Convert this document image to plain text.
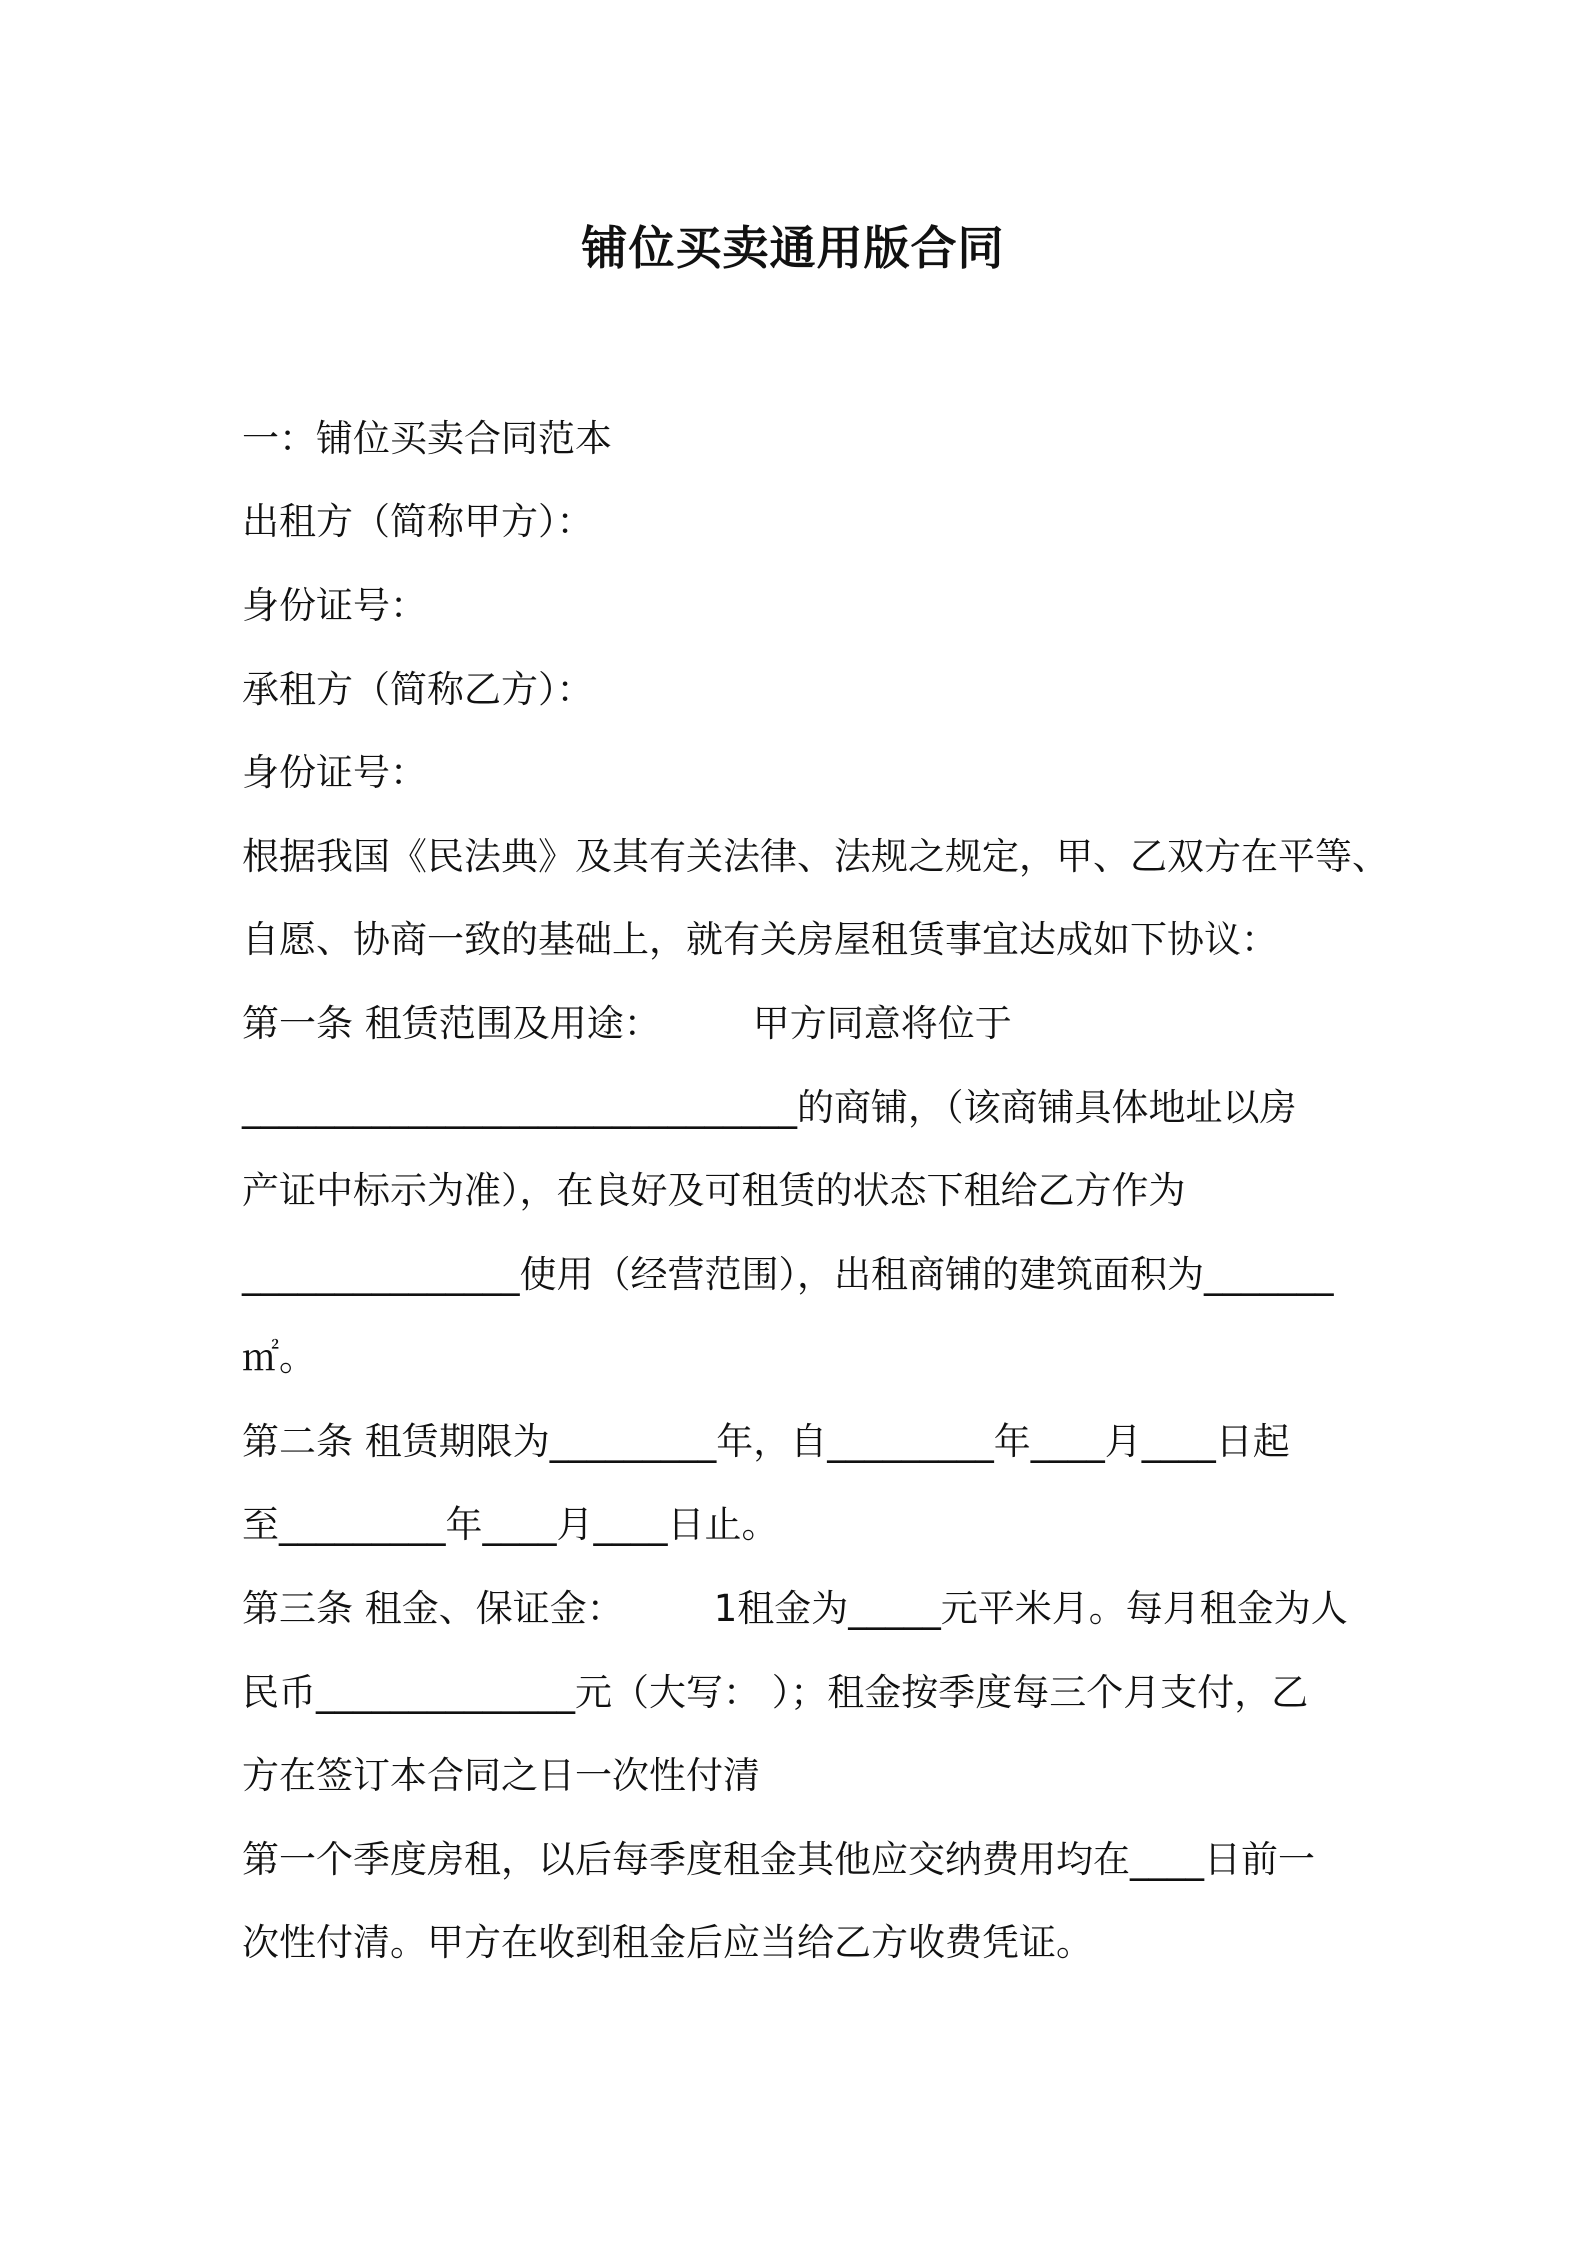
铺位买卖通用版合同

一：铺位买卖合同范本

出租方（简称甲方）：

身份证号：

承租方（简称乙方）：

身份证号：

根据我国《民法典》及其有关法律、法规之规定，甲、乙双方在平等、

自愿、协商一致的基础上，就有关房屋租赁事宜达成如下协议：

第一条 租赁范围及用途： 甲方同意将位于

______________________________的商铺，（该商铺具体地址以房

产证中标示为准），在良好及可租赁的状态下租给乙方作为

_______________使用（经营范围），出租商铺的建筑面积为_______

㎡。

第二条 租赁期限为_________年，自_________年____月____日起

至_________年____月____日止。

第三条 租金、保证金： 1租金为_____元平米月。每月租金为人

民币______________元（大写： ）；租金按季度每三个月支付，乙

方在签订本合同之日一次性付清

第一个季度房租，以后每季度租金其他应交纳费用均在____日前一

次性付清。甲方在收到租金后应当给乙方收费凭证。
